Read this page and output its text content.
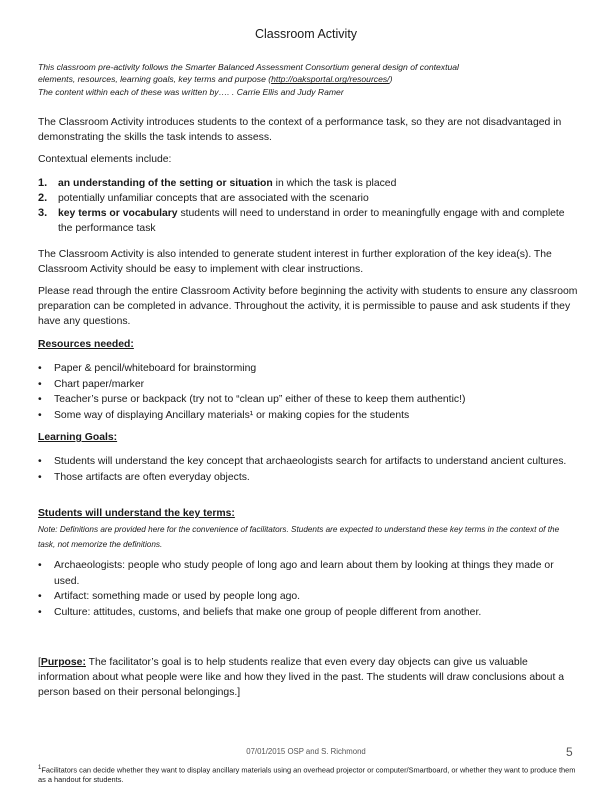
Classroom Activity
This classroom pre-activity follows the Smarter Balanced Assessment Consortium general design of contextual
elements, resources, learning goals, key terms and purpose (http://oaksportal.org/resources/)
The content within each of these was written by…. . Carrie Ellis and Judy Ramer
The Classroom Activity introduces students to the context of a performance task, so they are not disadvantaged in demonstrating the skills the task intends to assess.
Contextual elements include:
1. an understanding of the setting or situation in which the task is placed
2. potentially unfamiliar concepts that are associated with the scenario
3. key terms or vocabulary students will need to understand in order to meaningfully engage with and complete the performance task
The Classroom Activity is also intended to generate student interest in further exploration of the key idea(s). The Classroom Activity should be easy to implement with clear instructions.
Please read through the entire Classroom Activity before beginning the activity with students to ensure any classroom preparation can be completed in advance. Throughout the activity, it is permissible to pause and ask students if they have any questions.
Resources needed:
• Paper & pencil/whiteboard for brainstorming
• Chart paper/marker
• Teacher’s purse or backpack (try not to “clean up” either of these to keep them authentic!)
• Some way of displaying Ancillary materials¹ or making copies for the students
Learning Goals:
• Students will understand the key concept that archaeologists search for artifacts to understand ancient cultures.
• Those artifacts are often everyday objects.
Students will understand the key terms:
Note: Definitions are provided here for the convenience of facilitators. Students are expected to understand these key terms in the context of the task, not memorize the definitions.
• Archaeologists: people who study people of long ago and learn about them by looking at things they made or used.
• Artifact: something made or used by people long ago.
• Culture: attitudes, customs, and beliefs that make one group of people different from another.
[Purpose: The facilitator’s goal is to help students realize that even every day objects can give us valuable information about what people were like and how they lived in the past. The students will draw conclusions about a person based on their personal belongings.]
07/01/2015 OSP and S. Richmond	5
$^1$Facilitators can decide whether they want to display ancillary materials using an overhead projector or computer/Smartboard, or whether they want to produce them as a handout for students.
